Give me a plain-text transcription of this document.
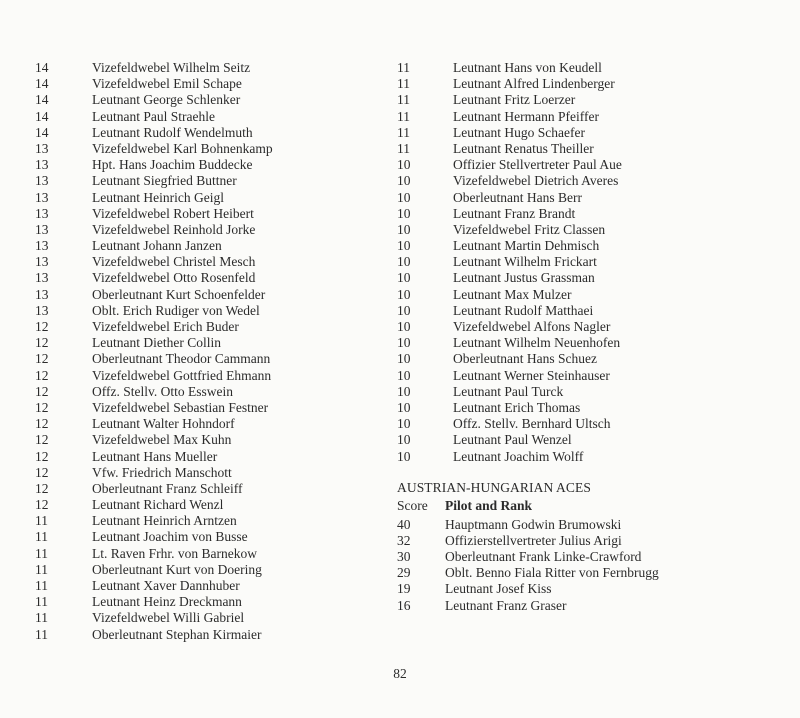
14	Vizefeldwebel Wilhelm Seitz
14	Vizefeldwebel Emil Schape
14	Leutnant George Schlenker
14	Leutnant Paul Straehle
14	Leutnant Rudolf Wendelmuth
13	Vizefeldwebel Karl Bohnenkamp
13	Hpt. Hans Joachim Buddecke
13	Leutnant Siegfried Buttner
13	Leutnant Heinrich Geigl
13	Vizefeldwebel Robert Heibert
13	Vizefeldwebel Reinhold Jorke
13	Leutnant Johann Janzen
13	Vizefeldwebel Christel Mesch
13	Vizefeldwebel Otto Rosenfeld
13	Oberleutnant Kurt Schoenfelder
13	Oblt. Erich Rudiger von Wedel
12	Vizefeldwebel Erich Buder
12	Leutnant Diether Collin
12	Oberleutnant Theodor Cammann
12	Vizefeldwebel Gottfried Ehmann
12	Offz. Stellv. Otto Esswein
12	Vizefeldwebel Sebastian Festner
12	Leutnant Walter Hohndorf
12	Vizefeldwebel Max Kuhn
12	Leutnant Hans Mueller
12	Vfw. Friedrich Manschott
12	Oberleutnant Franz Schleiff
12	Leutnant Richard Wenzl
11	Leutnant Heinrich Arntzen
11	Leutnant Joachim von Busse
11	Lt. Raven Frhr. von Barnekow
11	Oberleutnant Kurt von Doering
11	Leutnant Xaver Dannhuber
11	Leutnant Heinz Dreckmann
11	Vizefeldwebel Willi Gabriel
11	Oberleutnant Stephan Kirmaier
11	Leutnant Hans von Keudell
11	Leutnant Alfred Lindenberger
11	Leutnant Fritz Loerzer
11	Leutnant Hermann Pfeiffer
11	Leutnant Hugo Schaefer
11	Leutnant Renatus Theiller
10	Offizier Stellvertreter Paul Aue
10	Vizefeldwebel Dietrich Averes
10	Oberleutnant Hans Berr
10	Leutnant Franz Brandt
10	Vizefeldwebel Fritz Classen
10	Leutnant Martin Dehmisch
10	Leutnant Wilhelm Frickart
10	Leutnant Justus Grassman
10	Leutnant Max Mulzer
10	Leutnant Rudolf Matthaei
10	Vizefeldwebel Alfons Nagler
10	Leutnant Wilhelm Neuenhofen
10	Oberleutnant Hans Schuez
10	Leutnant Werner Steinhauser
10	Leutnant Paul Turck
10	Leutnant Erich Thomas
10	Offz. Stellv. Bernhard Ultsch
10	Leutnant Paul Wenzel
10	Leutnant Joachim Wolff
AUSTRIAN-HUNGARIAN ACES
Score	Pilot and Rank
40	Hauptmann Godwin Brumowski
32	Offizierstellvertreter Julius Arigi
30	Oberleutnant Frank Linke-Crawford
29	Oblt. Benno Fiala Ritter von Fernbrugg
19	Leutnant Josef Kiss
16	Leutnant Franz Graser
82
